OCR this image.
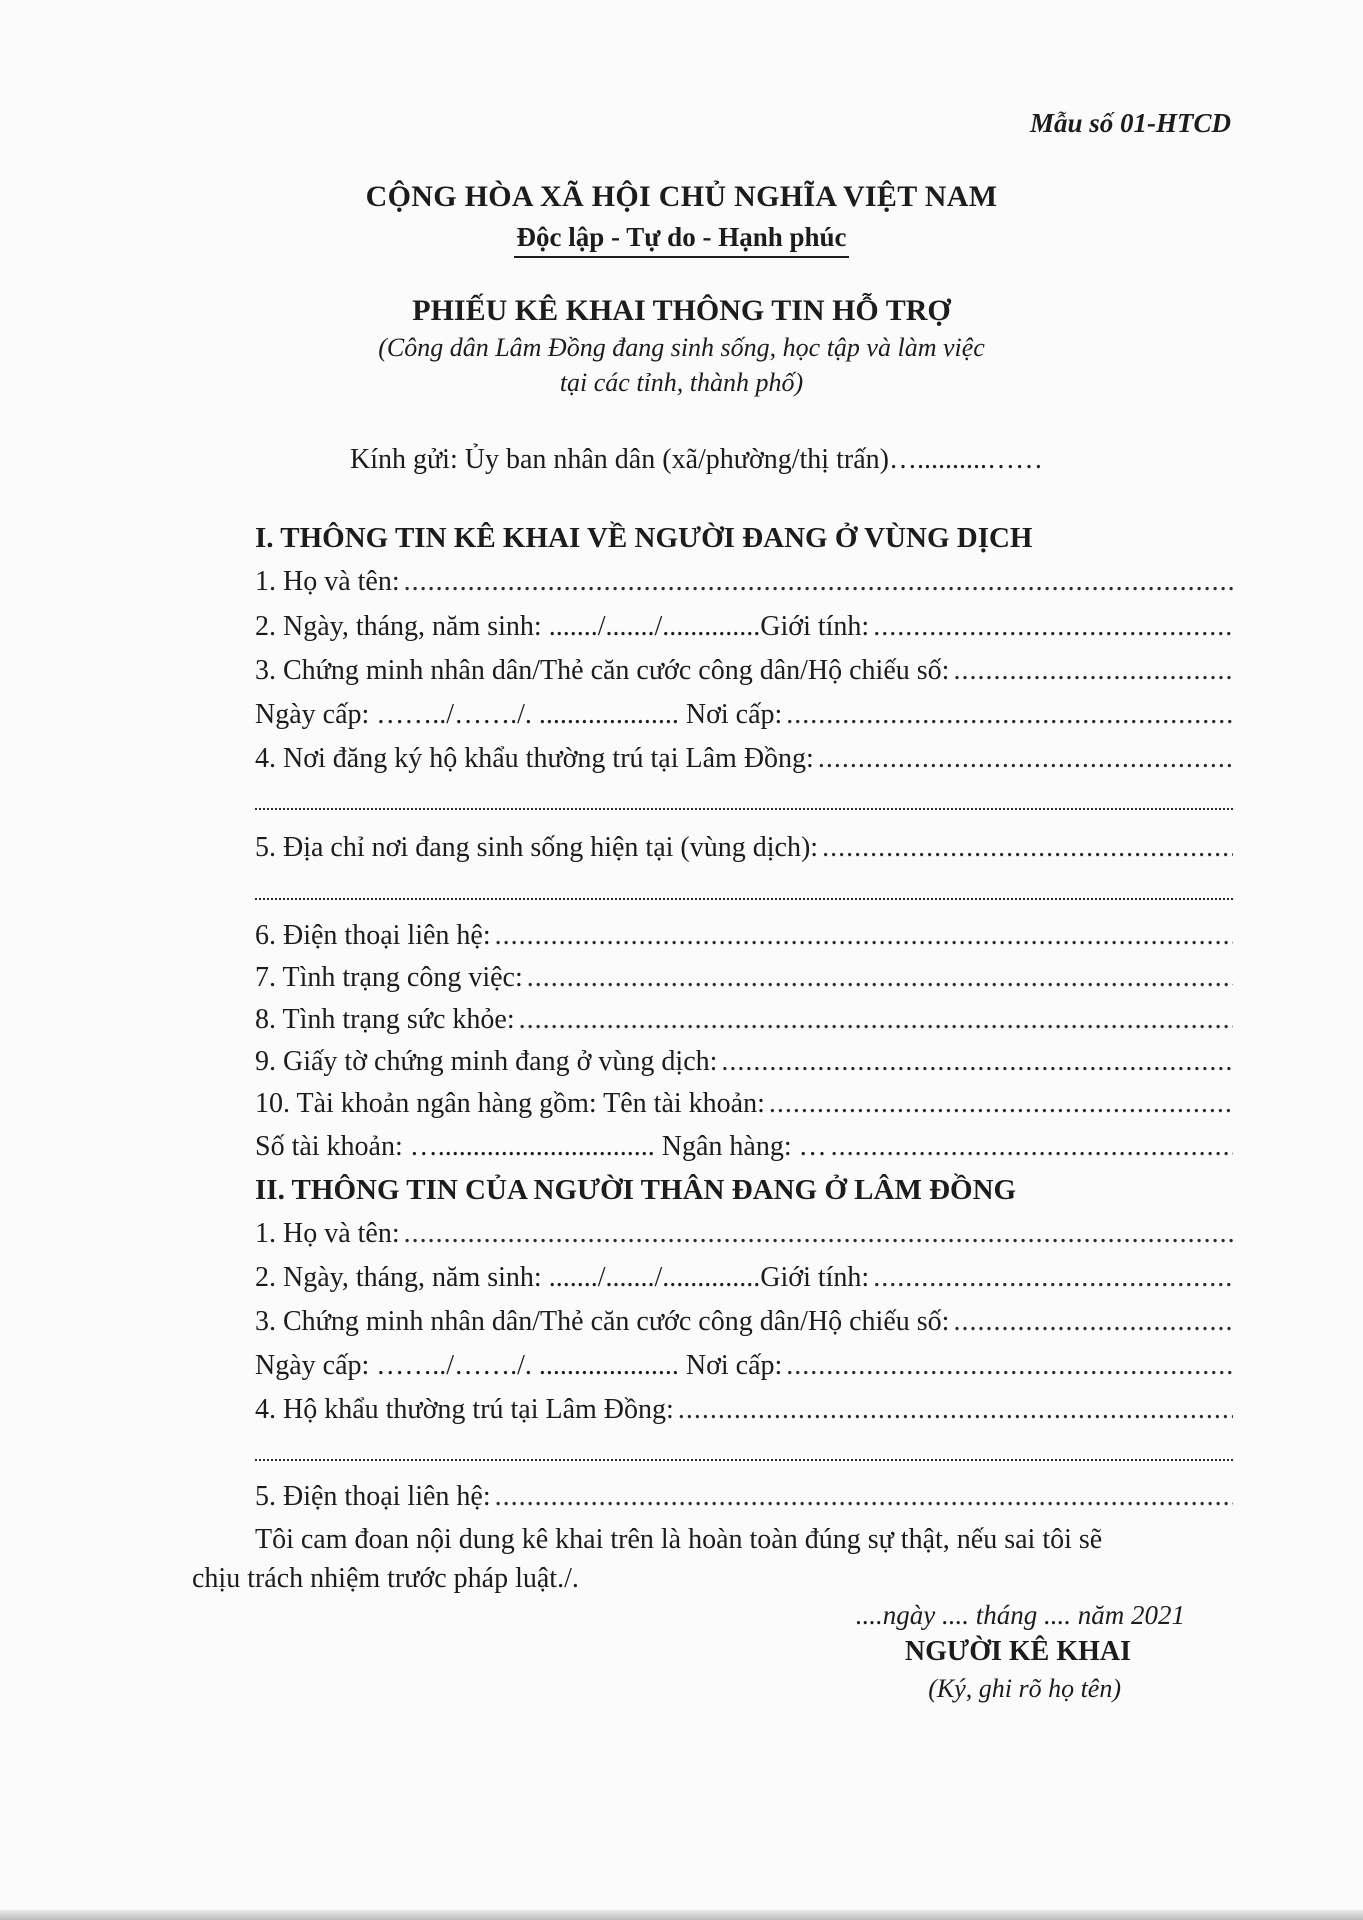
Mẫu số 01-HTCD
CỘNG HÒA XÃ HỘI CHỦ NGHĨA VIỆT NAM
Độc lập - Tự do - Hạnh phúc
PHIẾU KÊ KHAI THÔNG TIN HỖ TRỢ
(Công dân Lâm Đồng đang sinh sống, học tập và làm việc
tại các tỉnh, thành phố)
Kính gửi: Ủy ban nhân dân (xã/phường/thị trấn)…..........……
I. THÔNG TIN KÊ KHAI VỀ NGƯỜI ĐANG Ở VÙNG DỊCH
1. Họ và tên:
.....
2. Ngày, tháng, năm sinh: ......./......./..............Giới tính:
.....
3. Chứng minh nhân dân/Thẻ căn cước công dân/Hộ chiếu số:
.....
Ngày cấp: ……../……./. .................... Nơi cấp:
.....
4. Nơi đăng ký hộ khẩu thường trú tại Lâm Đồng:
.....
5. Địa chỉ nơi đang sinh sống hiện tại (vùng dịch):
.....
6. Điện thoại liên hệ:
.....
7. Tình trạng công việc:
.....
8. Tình trạng sức khỏe:
.....
9. Giấy tờ chứng minh đang ở vùng dịch:
.....
10. Tài khoản ngân hàng gồm: Tên tài khoản:
.....
Số tài khoản: …............................... Ngân hàng: …
.....
II. THÔNG TIN CỦA NGƯỜI THÂN ĐANG Ở LÂM ĐỒNG
1. Họ và tên:
.....
2. Ngày, tháng, năm sinh: ......./......./..............Giới tính:
.....
3. Chứng minh nhân dân/Thẻ căn cước công dân/Hộ chiếu số:
.....
Ngày cấp: ……../……./. .................... Nơi cấp:
.....
4. Hộ khẩu thường trú tại Lâm Đồng:
.....
5. Điện thoại liên hệ:
.....
Tôi cam đoan nội dung kê khai trên là hoàn toàn đúng sự thật, nếu sai tôi sẽ
chịu trách nhiệm trước pháp luật./.
....ngày .... tháng .... năm 2021
NGƯỜI KÊ KHAI
(Ký, ghi rõ họ tên)
